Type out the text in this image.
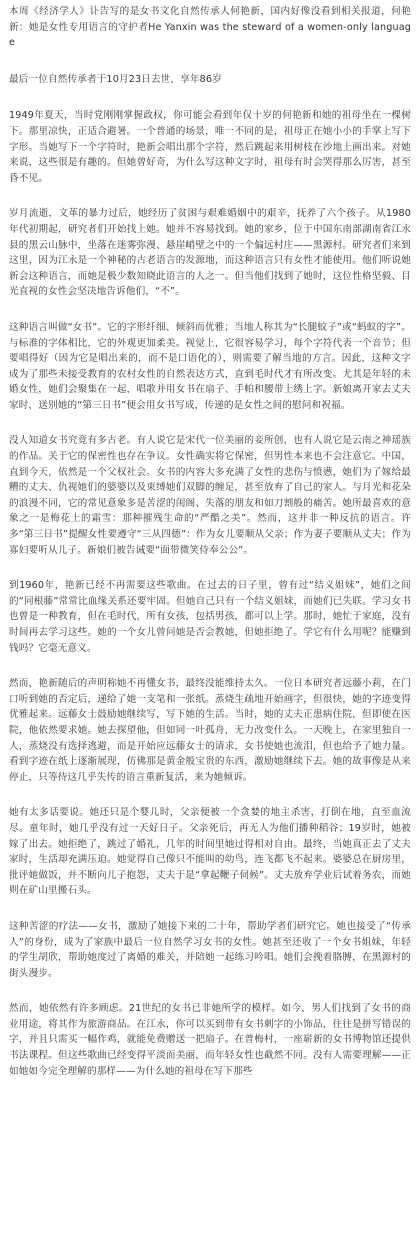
本周《经济学人》讣告写的是女书文化自然传承人何艳新，国内好像没看到相关报道，何艳新：她是女性专用语言的守护者He Yanxin was the steward of a women-only language

最后一位自然传承者于10月23日去世，享年86岁

1949年夏天，当时党刚刚掌握政权，你可能会看到年仅十岁的何艳新和她的祖母坐在一棵树下。那里凉快，正适合避暑。一个普通的场景，唯一不同的是，祖母正在她小小的手掌上写下字形。当她写下一个字符时，艳新会唱出那个字符，然后跳起来用树枝在沙地上画出来。对她来说，这些很是有趣的。但她曾好奇，为什么写这种文字时，祖母有时会哭得那么厉害，甚至昏不见。

岁月流逝，文革的暴力过后，她经历了贫困与艰难婚姻中的艰辛，抚养了六个孩子。从1980年代初期起，研究者们开始找上她。她并不容易找到。她的家乡，位于中国东南部湖南省江永县的黑云山脉中，坐落在迷雾弥漫、悬崖峭壁之中的一个偏远村庄——黑源村。研究者们来到这里，因为江永是一个神秘的古老语言的发源地，而这种语言只有女性才能使用。他们听说她新会这种语言，而她是极少数知晓此语言的人之一。但当他们找到了她时，这位性格坚毅、目光直视的女性会坚决地告诉他们，“不”。

这种语言叫做“女书”。它的字形纤细、倾斜而优雅；当地人称其为“长腿蚊子”或“蚂蚁的字”。与标准的字体相比，它的外观更加柔美。视觉上，它很容易学习，每个字符代表一个音节；但要唱得好（因为它是唱出来的，而不是口语化的），则需要了解当地的方言。因此，这种文字成为了那些未接受教育的农村女性的自然表达方式，直到毛时代才有所改变。尤其是年轻的未婚女性，她们会聚集在一起，唱歌并用女书在扇子、手帕和腰带上绣上字。新娘离开家去丈夫家时，送别她的“第三日书”便会用女书写成，传递的是女性之间的慰问和祝福。

没人知道女书究竟有多古老。有人说它是宋代一位美丽的妾所创，也有人说它是云南之神瑶族的作品。关于它的保密性也存在争议。女性确实将它保密，但男性本来也不会注意它。中国，直到今天，依然是一个父权社会。女书的内容大多充满了女性的悲伤与愤懑，她们为了嫁给最糟的丈夫、仇视她们的婆婆以及束缚她们双脚的缠足，甚至放弃了自己的家人。与月光和花朵的浪漫不同，它的常见意象多是苦涩的闺阁、失落的朋友和如刀割般的痛苦。她所最喜欢的意象之一是梅花上的霜雪：那种摧残生命的“严酷之美”。然而，这并非一种反抗的语言。许多“第三日书”提醒女性要遵守“三从四德”：作为女儿要顺从父亲；作为妻子要顺从丈夫；作为寡妇要听从儿子。新娘们被告诫要“面带微笑侍奉公公”。

到1960年，艳新已经不再需要这些歌曲。在过去的日子里，曾有过“结义姐妹”，她们之间的“同根藤”常常比血缘关系还要牢固。但她自己只有一个结义姐妹，而她们已失联。学习女书也曾是一种教育，但在毛时代，所有女孩，包括男孩，都可以上学。那时，她忙于家庭，没有时间再去学习这些。她的一个女儿曾问她是否会教她，但她拒绝了。学它有什么用呢？能赚到钱吗？它毫无意义。

然而，艳新随后的声明称她不再懂女书，最终没能维持太久。一位日本研究者远藤小莉，在门口听到她的否定后，递给了她一支笔和一张纸。蒸烧生疏地开始画字，但很快，她的字迹变得优雅起来。远藤女士鼓励她继续写，写下她的生活。当时，她的丈夫正患病住院，但即使在医院，他依然要求她。她去探望他，但如同一叶孤舟，无力改变什么。一天晚上，在家里独自一人，蒸烧没有选择逃避，而是开始应远藤女士的请求，女书使她也流泪，但也给予了她力量。看到字迹在纸上逐渐展现，仿佛那是黄金般宝贵的东西，激励她继续下去。她的故事像是从来停止，只等待这几乎失传的语言重新复活，来为她倾诉。

她有太多话要说。她还只是个婴儿时，父亲便被一个贪婪的地主杀害，打倒在地，直至血流尽。童年时，她几乎没有过一天好日子。父亲死后，再无人为他们播种稻谷；19岁时，她被嫁了出去。她拒绝了，跳过了婚礼，几年的时间里她过得相对自由。最终，当她真正去了丈夫家时，生活却充满压迫。她觉得自己像只不能叫的幼鸟，连飞都飞不起来。婆婆总在厨房里，批评她做饭，并不断向儿子抱怨，丈夫于是“拿起鞭子伺候”。丈夫放弃学业后试着务农，而她则在矿山里搬石头。

这种苦涩的疗法——女书，激励了她接下来的二十年，帮助学者们研究它。她也接受了“传承人”的身份，成为了家族中最后一位自然学习女书的女性。她甚至还收了一个女书姐妹，年轻的学生胡欣，帮助她度过了离婚的难关，并陪她一起练习吟唱。她们会挽着胳膊，在黑源村的街头漫步。

然而，她依然有许多顾虑。21世纪的女书已非她所学的模样。如今，男人们找到了女书的商业用途，将其作为旅游商品。在江永，你可以买到带有女书刺字的小饰品，往往是拼写错误的字，并且只需买一幅作鸡，就能免费赠送一把扇子。在普梅村，一座崭新的女书博物馆还提供书法课程。但这些歌曲已经变得平淡而美丽，而年轻女性也截然不同。没有人需要理解——正如她如今完全理解的那样——为什么她的祖母在写下那些
